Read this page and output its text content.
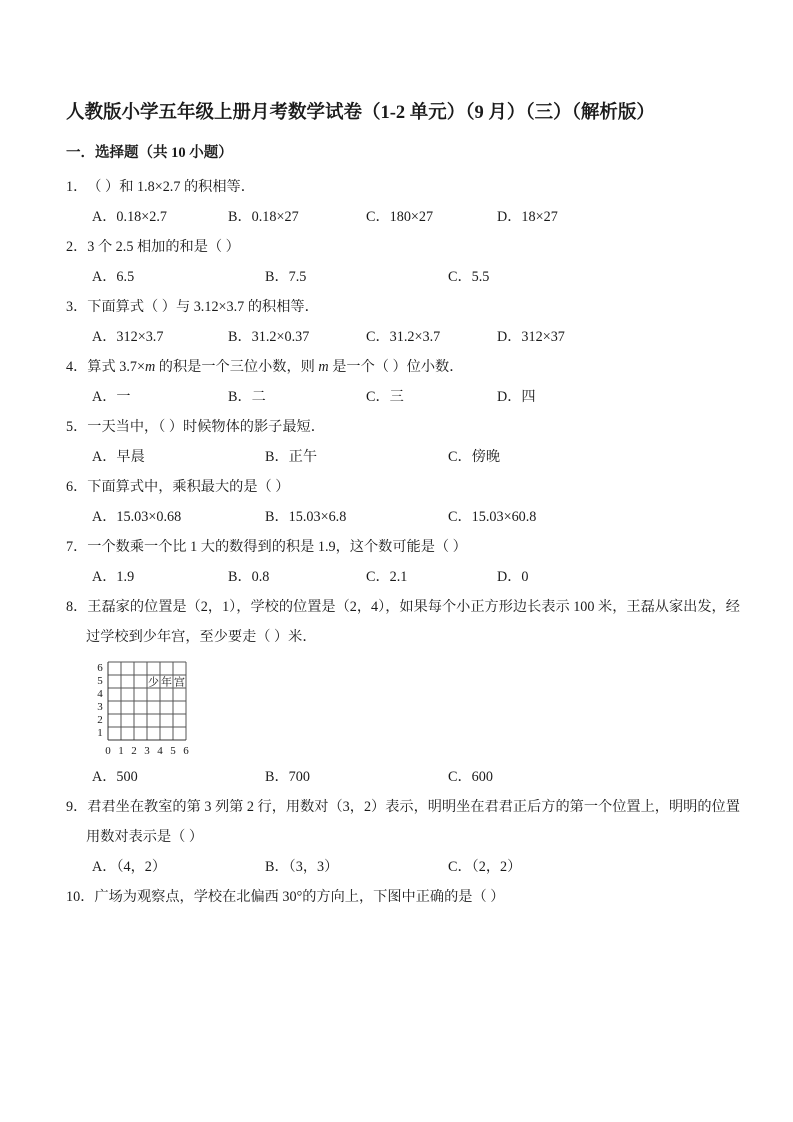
人教版小学五年级上册月考数学试卷（1-2 单元）（9 月）（三）（解析版）
一．选择题（共 10 小题）
1．（ ）和 1.8×2.7 的积相等．
A．0.18×2.7	B．0.18×27	C．180×27	D．18×27
2．3 个 2.5 相加的和是（ ）
A．6.5	B．7.5	C．5.5
3．下面算式（ ）与 3.12×3.7 的积相等．
A．312×3.7	B．31.2×0.37	C．31.2×3.7	D．312×37
4．算式 3.7×m 的积是一个三位小数，则 m 是一个（ ）位小数．
A．一	B．二	C．三	D．四
5．一天当中，（ ）时候物体的影子最短．
A．早晨	B．正午	C．傍晚
6．下面算式中，乘积最大的是（ ）
A．15.03×0.68	B．15.03×6.8	C．15.03×60.8
7．一个数乘一个比 1 大的数得到的积是 1.9，这个数可能是（ ）
A．1.9	B．0.8	C．2.1	D．0
8．王磊家的位置是（2，1），学校的位置是（2，4），如果每个小正方形边长表示 100 米，王磊从家出发，经过学校到少年宫，至少要走（ ）米．
6
5
4
3
2
1
少 年 宫
0 1 2 3 4 5 6
A．500	B．700	C．600
9．君君坐在教室的第 3 列第 2 行，用数对（3，2）表示，明明坐在君君正后方的第一个位置上，明明的位置用数对表示是（ ）
A．（4，2）	B．（3，3）	C．（2，2）
10．广场为观察点，学校在北偏西 30°的方向上，下图中正确的是（ ）
